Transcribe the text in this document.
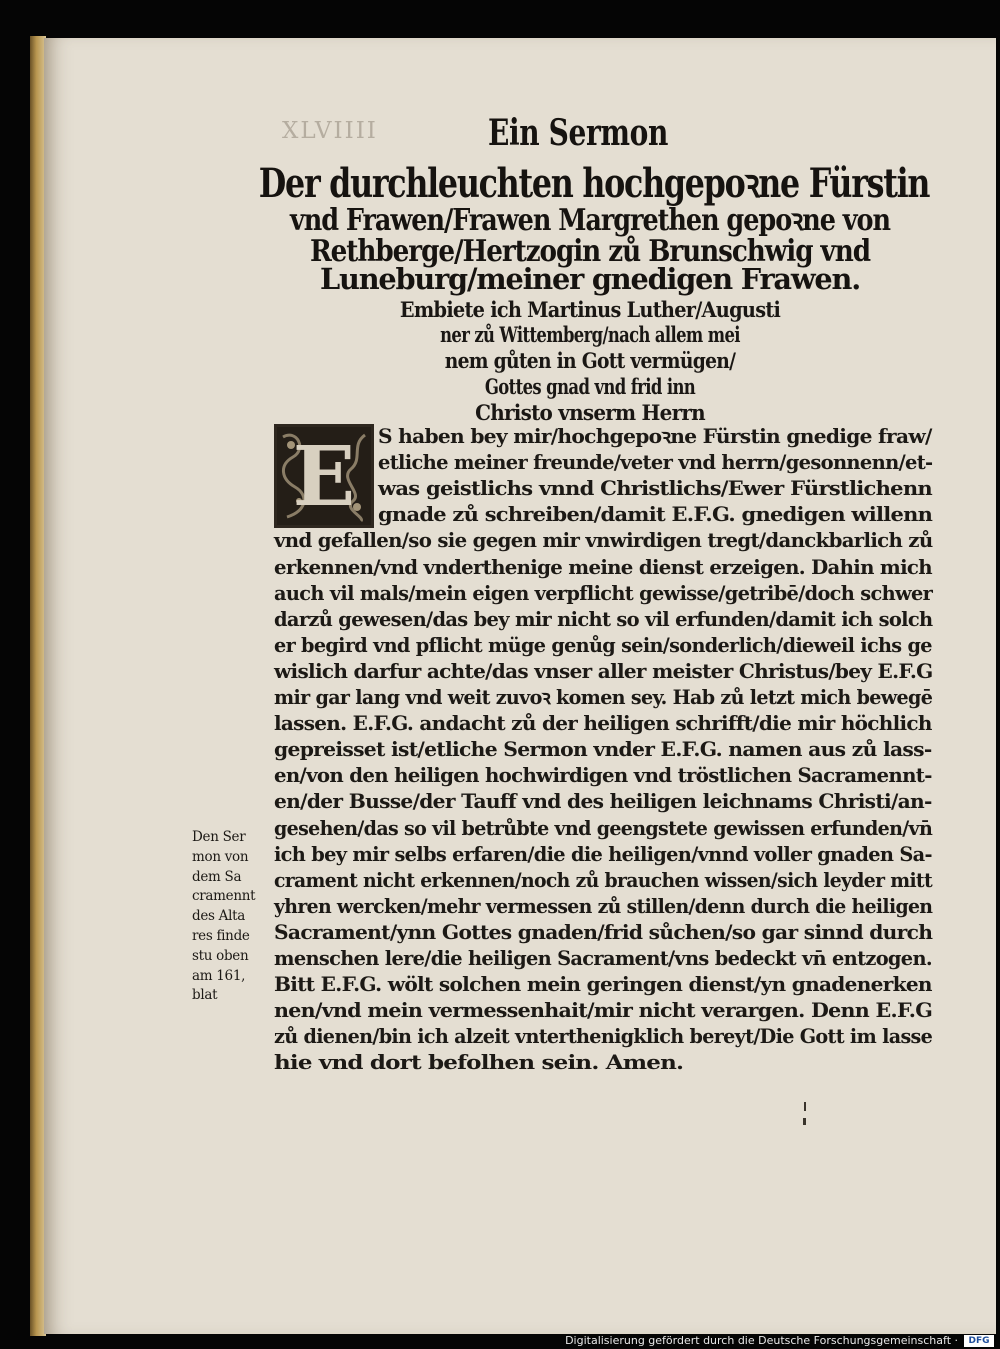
XLVIIII	Ein Sermon
Der durchleuchten hochgepoꝛne Fürstin
vnd Frawen/Frawen Margrethen gepoꝛne von
Rethberge/Hertzogin zů Brunschwig vnd
Luneburg/meiner gnedigen Frawen.
Embiete ich Martinus Luther/Augusti
ner zů Wittemberg/nach allem mei
nem gůten in Gott vermügen/
Gottes gnad vnd frid inn
Christo vnserm Herrn
E	S haben bey mir/hochgepoꝛne Fürstin gnedige fraw/
etliche meiner freunde/veter vnd herrn/gesonnenn/et-
was geistlichs vnnd Christlichs/Ewer Fürstlichenn
gnade zů schreiben/damit E.F.G. gnedigen willenn
vnd gefallen/so sie gegen mir vnwirdigen tregt/danckbarlich zů
erkennen/vnd vnderthenige meine dienst erzeigen. Dahin mich
auch vil mals/mein eigen verpflicht gewisse/getribē/doch schwer
darzů gewesen/das bey mir nicht so vil erfunden/damit ich solch
er begird vnd pflicht müge genůg sein/sonderlich/dieweil ichs ge
wislich darfur achte/das vnser aller meister Christus/bey E.F.G
mir gar lang vnd weit zuvoꝛ komen sey. Hab zů letzt mich bewegē
lassen. E.F.G. andacht zů der heiligen schrifft/die mir höchlich
gepreisset ist/etliche Sermon vnder E.F.G. namen aus zů lass-
en/von den heiligen hochwirdigen vnd tröstlichen Sacramennt-
en/der Busse/der Tauff vnd des heiligen leichnams Christi/an-
gesehen/das so vil betrůbte vnd geengstete gewissen erfunden/vn̄
ich bey mir selbs erfaren/die die heiligen/vnnd voller gnaden Sa-
crament nicht erkennen/noch zů brauchen wissen/sich leyder mitt
yhren wercken/mehr vermessen zů stillen/denn durch die heiligen
Sacrament/ynn Gottes gnaden/frid sůchen/so gar sinnd durch
menschen lere/die heiligen Sacrament/vns bedeckt vn̄ entzogen.
Bitt E.F.G. wölt solchen mein geringen dienst/yn gnadenerken
nen/vnd mein vermessenhait/mir nicht verargen. Denn E.F.G
zů dienen/bin ich alzeit vnterthenigklich bereyt/Die Gott im lasse
hie vnd dort befolhen sein. Amen.
Den Ser
mon von
dem Sa
cramennt
des Alta
res finde
stu oben
am 161,
blat
Digitalisierung gefördert durch die Deutsche Forschungsgemeinschaft ·	DFG
